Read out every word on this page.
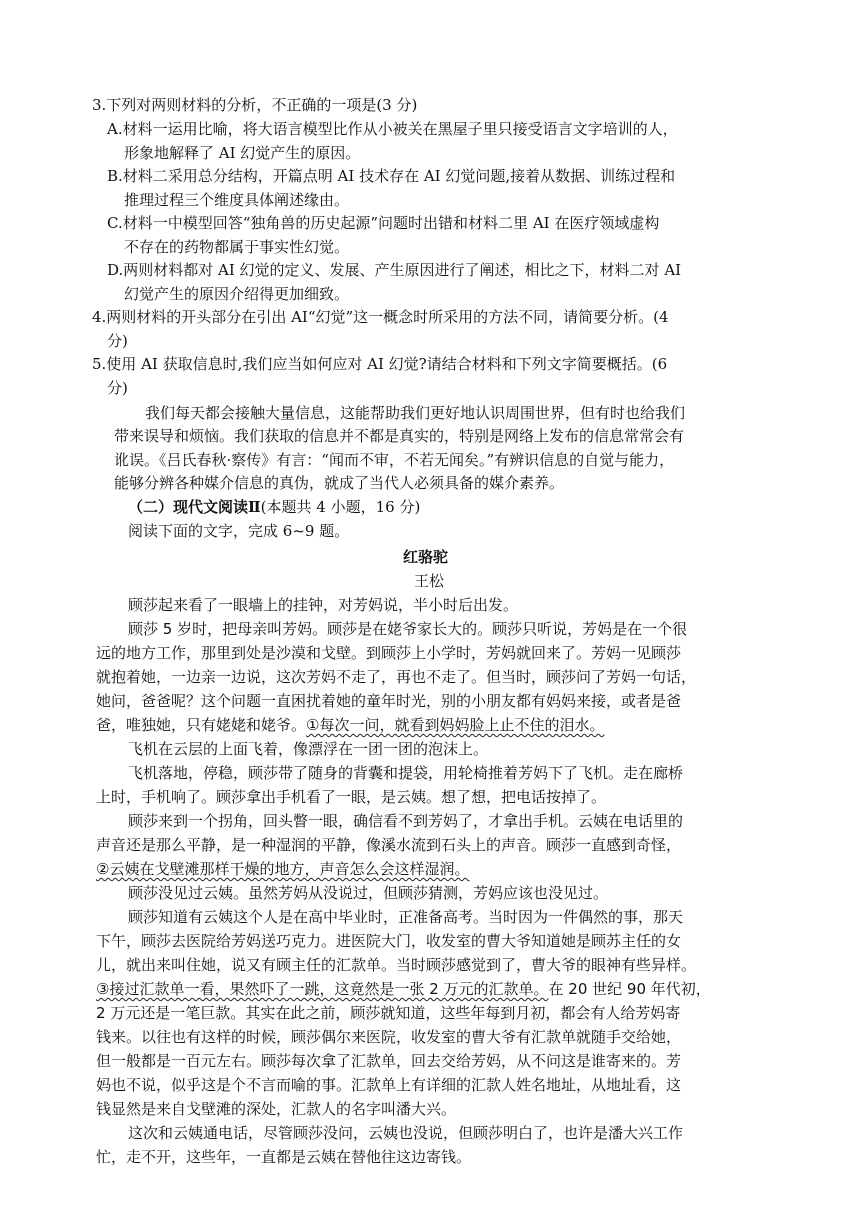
3.下列对两则材料的分析，不正确的一项是(3 分)
A.材料一运用比喻，将大语言模型比作从小被关在黑屋子里只接受语言文字培训的人，
形象地解释了 AI 幻觉产生的原因。
B.材料二采用总分结构，开篇点明 AI 技术存在 AI 幻觉问题,接着从数据、训练过程和
推理过程三个维度具体阐述缘由。
C.材料一中模型回答“独角兽的历史起源”问题时出错和材料二里 AI 在医疗领域虚构
不存在的药物都属于事实性幻觉。
D.两则材料都对 AI 幻觉的定义、发展、产生原因进行了阐述，相比之下，材料二对 AI
幻觉产生的原因介绍得更加细致。
4.两则材料的开头部分在引出 AI“幻觉”这一概念时所采用的方法不同，请简要分析。(4
分)
5.使用 AI 获取信息时,我们应当如何应对 AI 幻觉?请结合材料和下列文字简要概括。(6
分)
我们每天都会接触大量信息，这能帮助我们更好地认识周围世界，但有时也给我们
带来误导和烦恼。我们获取的信息并不都是真实的，特别是网络上发布的信息常常会有
讹误。《吕氏春秋·察传》有言：“闻而不审，不若无闻矣。”有辨识信息的自觉与能力，
能够分辨各种媒介信息的真伪，就成了当代人必须具备的媒介素养。
（二）现代文阅读Ⅱ(本题共 4 小题，16 分)
阅读下面的文字，完成 6~9 题。
红骆驼
王松
顾莎起来看了一眼墙上的挂钟，对芳妈说，半小时后出发。
顾莎 5 岁时，把母亲叫芳妈。顾莎是在姥爷家长大的。顾莎只听说，芳妈是在一个很
远的地方工作，那里到处是沙漠和戈壁。到顾莎上小学时，芳妈就回来了。芳妈一见顾莎
就抱着她，一边亲一边说，这次芳妈不走了，再也不走了。但当时，顾莎问了芳妈一句话，
她问，爸爸呢？这个问题一直困扰着她的童年时光，别的小朋友都有妈妈来接，或者是爸
爸，唯独她，只有姥姥和姥爷。①每次一问，就看到妈妈脸上止不住的泪水。
飞机在云层的上面飞着，像漂浮在一团一团的泡沫上。
飞机落地，停稳，顾莎带了随身的背囊和提袋，用轮椅推着芳妈下了飞机。走在廊桥
上时，手机响了。顾莎拿出手机看了一眼，是云姨。想了想，把电话按掉了。
顾莎来到一个拐角，回头瞥一眼，确信看不到芳妈了，才拿出手机。云姨在电话里的
声音还是那么平静，是一种湿润的平静，像溪水流到石头上的声音。顾莎一直感到奇怪，
②云姨在戈壁滩那样干燥的地方，声音怎么会这样湿润。
顾莎没见过云姨。虽然芳妈从没说过，但顾莎猜测，芳妈应该也没见过。
顾莎知道有云姨这个人是在高中毕业时，正准备高考。当时因为一件偶然的事，那天
下午，顾莎去医院给芳妈送巧克力。进医院大门，收发室的曹大爷知道她是顾苏主任的女
儿，就出来叫住她，说又有顾主任的汇款单。当时顾莎感觉到了，曹大爷的眼神有些异样。
③接过汇款单一看，果然吓了一跳，这竟然是一张 2 万元的汇款单。在 20 世纪 90 年代初，
2 万元还是一笔巨款。其实在此之前，顾莎就知道，这些年每到月初，都会有人给芳妈寄
钱来。以往也有这样的时候，顾莎偶尔来医院，收发室的曹大爷有汇款单就随手交给她，
但一般都是一百元左右。顾莎每次拿了汇款单，回去交给芳妈，从不问这是谁寄来的。芳
妈也不说，似乎这是个不言而喻的事。汇款单上有详细的汇款人姓名地址，从地址看，这
钱显然是来自戈壁滩的深处，汇款人的名字叫潘大兴。
这次和云姨通电话，尽管顾莎没问，云姨也没说，但顾莎明白了，也许是潘大兴工作
忙，走不开，这些年，一直都是云姨在替他往这边寄钱。
